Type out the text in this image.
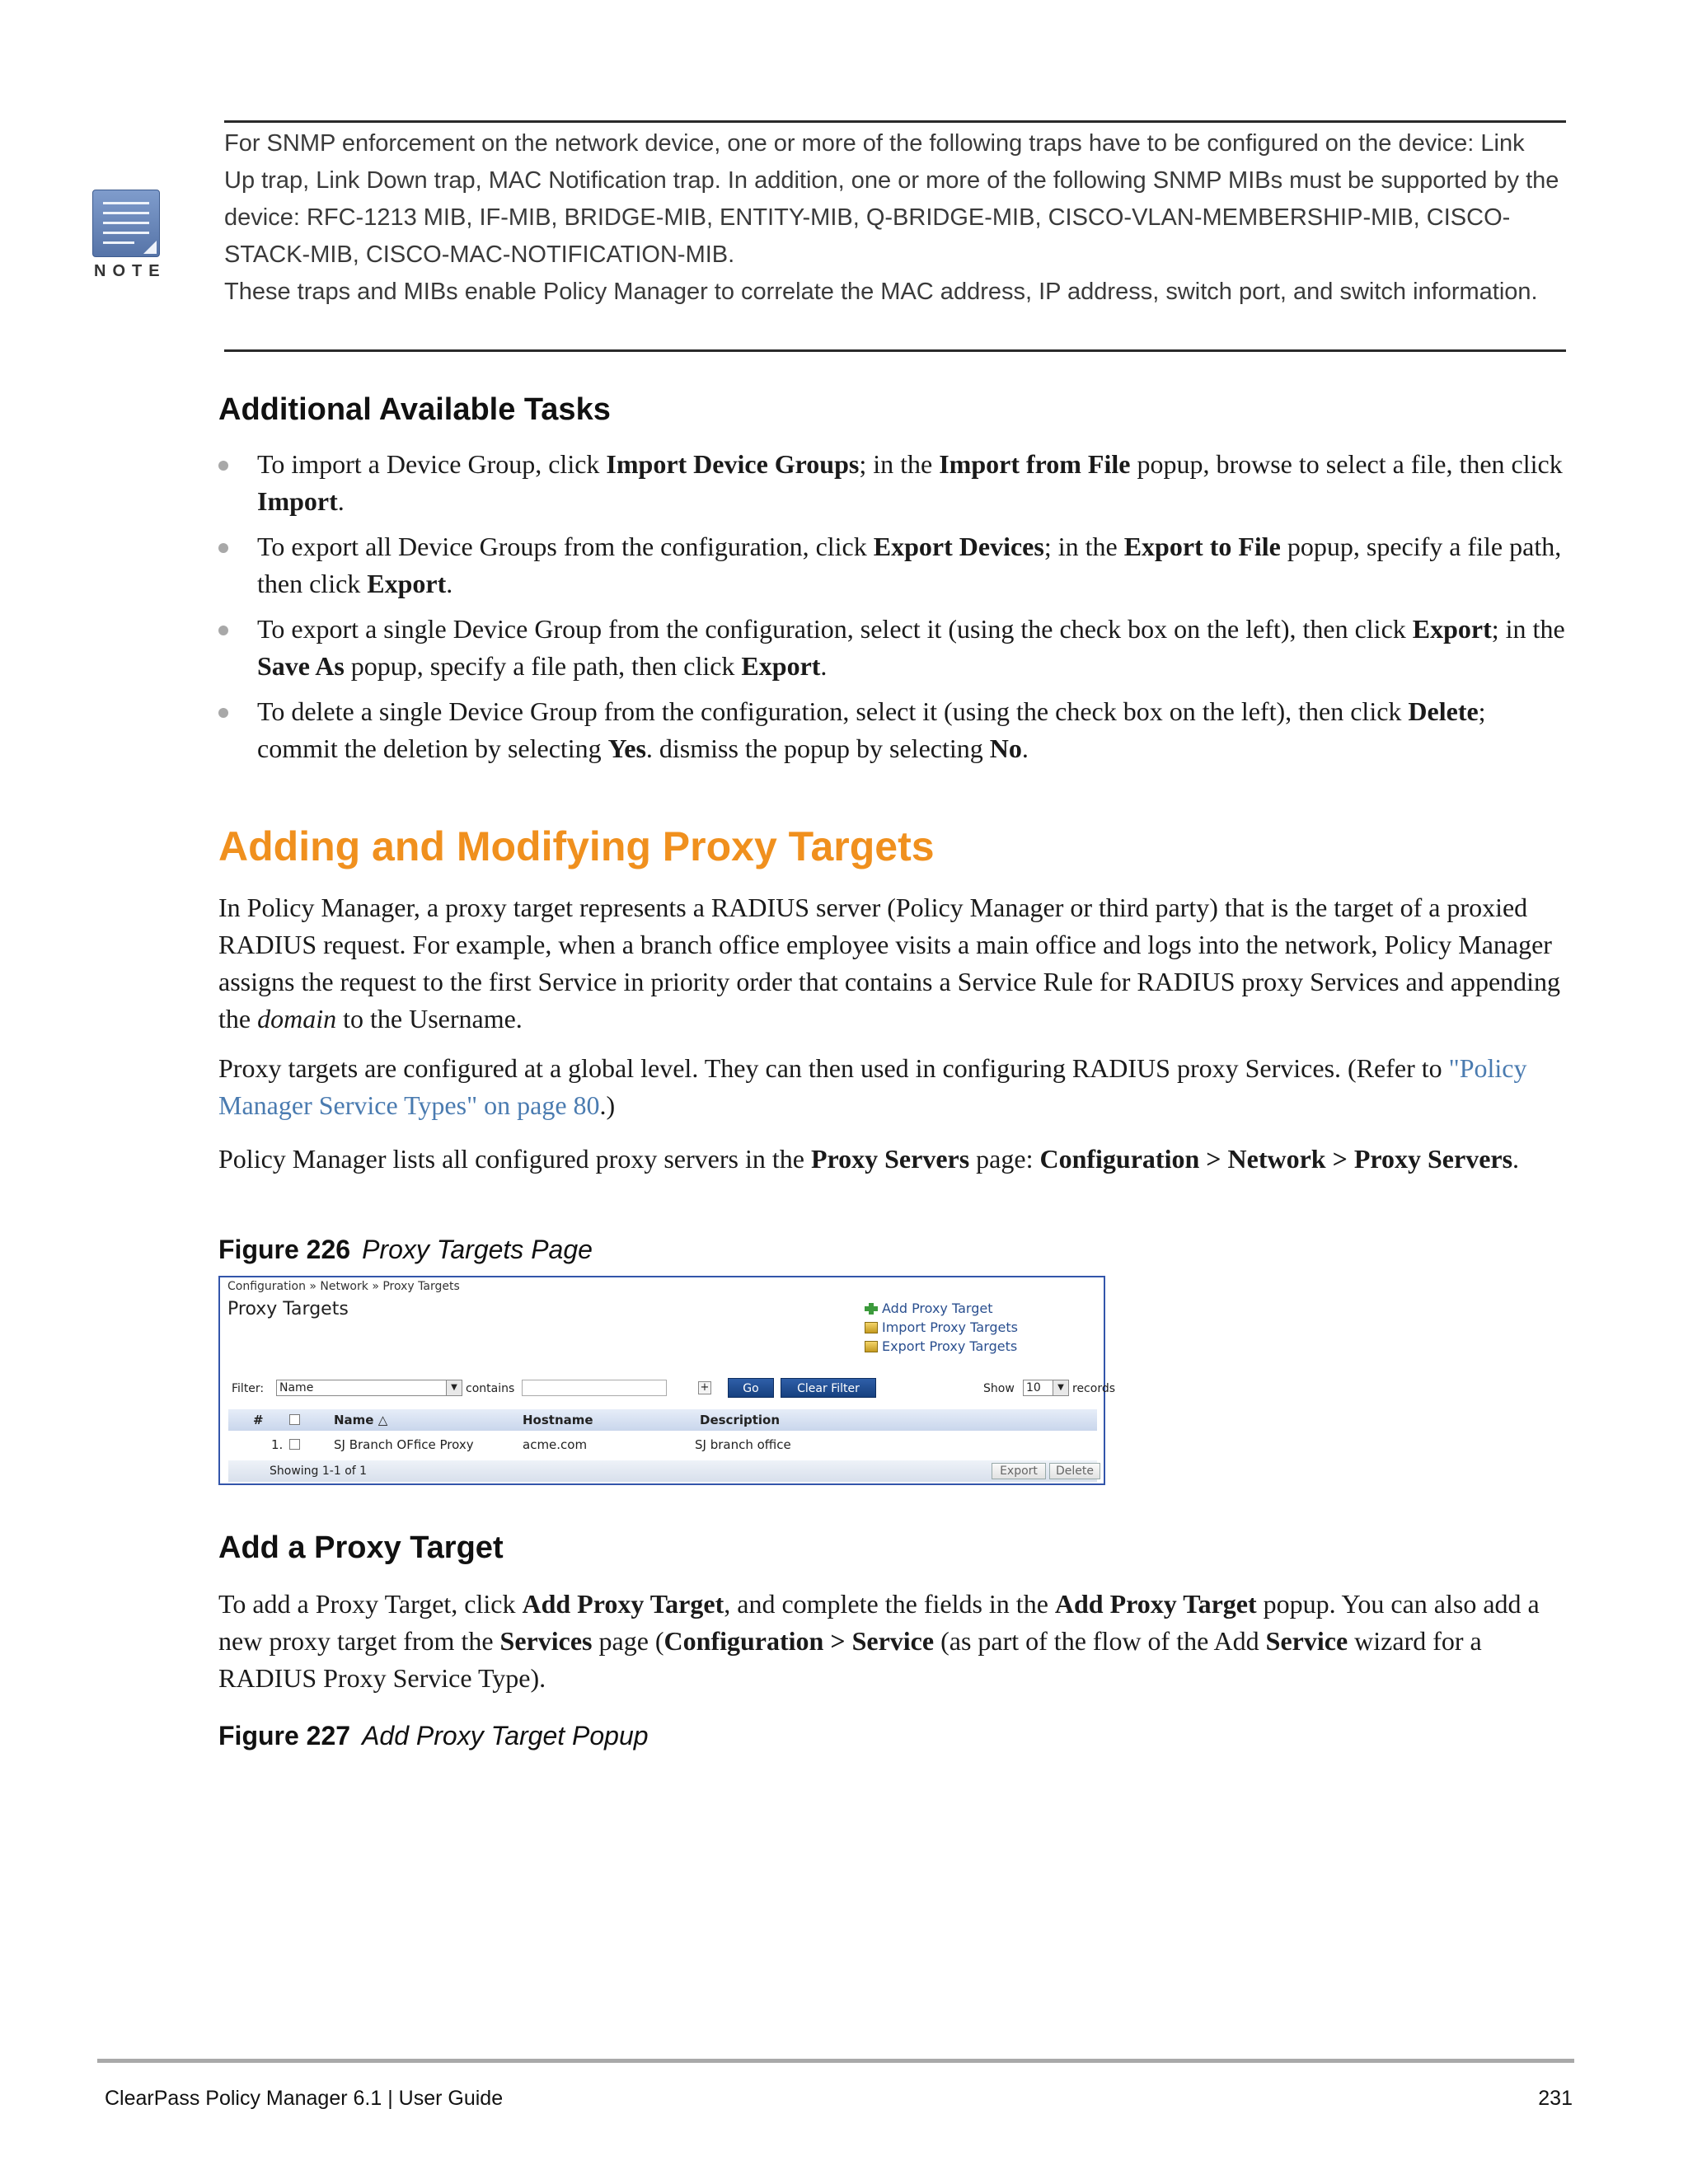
NOTE

For SNMP enforcement on the network device, one or more of the following traps have to be configured on the device: Link Up trap, Link Down trap, MAC Notification trap. In addition, one or more of the following SNMP MIBs must be supported by the device: RFC-1213 MIB, IF-MIB, BRIDGE-MIB, ENTITY-MIB, Q-BRIDGE-MIB, CISCO-VLAN-MEMBERSHIP-MIB, CISCO-STACK-MIB, CISCO-MAC-NOTIFICATION-MIB.

These traps and MIBs enable Policy Manager to correlate the MAC address, IP address, switch port, and switch information.

Additional Available Tasks
To import a Device Group, click Import Device Groups; in the Import from File popup, browse to select a file, then click Import.
To export all Device Groups from the configuration, click Export Devices; in the Export to File popup, specify a file path, then click Export.
To export a single Device Group from the configuration, select it (using the check box on the left), then click Export; in the Save As popup, specify a file path, then click Export.
To delete a single Device Group from the configuration, select it (using the check box on the left), then click Delete; commit the deletion by selecting Yes. dismiss the popup by selecting No.
Adding and Modifying Proxy Targets

In Policy Manager, a proxy target represents a RADIUS server (Policy Manager or third party) that is the target of a proxied RADIUS request. For example, when a branch office employee visits a main office and logs into the network, Policy Manager assigns the request to the first Service in priority order that contains a Service Rule for RADIUS proxy Services and appending the domain to the Username.

Proxy targets are configured at a global level. They can then used in configuring RADIUS proxy Services. (Refer to "Policy Manager Service Types" on page 80.)

Policy Manager lists all configured proxy servers in the Proxy Servers page: Configuration > Network > Proxy Servers.

Figure 226 Proxy Targets Page

Configuration » Network » Proxy Targets
Proxy Targets	Add Proxy Target
Import Proxy Targets
Export Proxy Targets
Filter: Name	▼ contains	+	Go	Clear Filter	Show 10	▼ records
#	Name △	Hostname	Description
1.	SJ Branch OFfice Proxy	acme.com	SJ branch office
Showing 1-1 of 1	Export	Delete
Add a Proxy Target

To add a Proxy Target, click Add Proxy Target, and complete the fields in the Add Proxy Target popup. You can also add a new proxy target from the Services page (Configuration > Service (as part of the flow of the Add Service wizard for a RADIUS Proxy Service Type).

Figure 227 Add Proxy Target Popup

ClearPass Policy Manager 6.1 | User Guide	231
